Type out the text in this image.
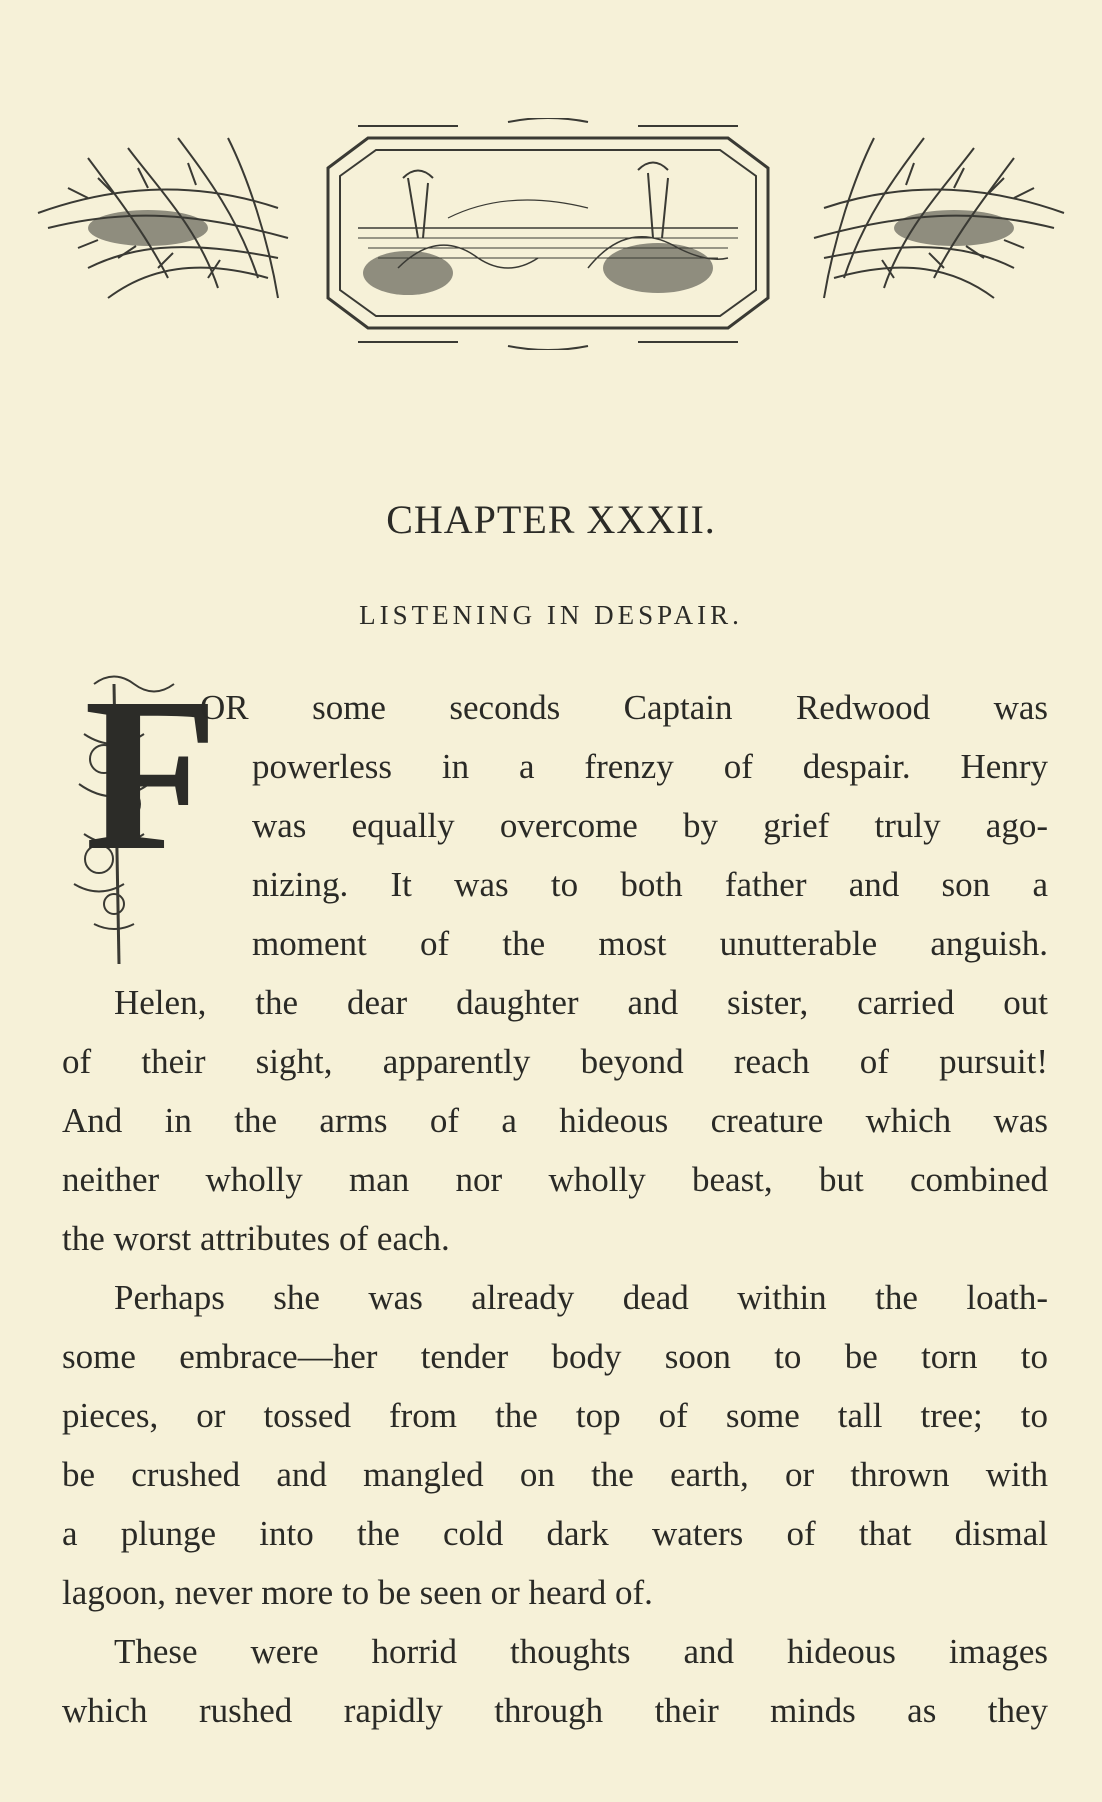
CHAPTER XXXII.
LISTENING IN DESPAIR.
F
OR some seconds Captain Redwood was
powerless in a frenzy of despair. Henry
was equally overcome by grief truly ago-
nizing. It was to both father and son a
moment of the most unutterable anguish.
Helen, the dear daughter and sister, carried out
of their sight, apparently beyond reach of pursuit!
And in the arms of a hideous creature which was
neither wholly man nor wholly beast, but combined
the worst attributes of each.
Perhaps she was already dead within the loath-
some embrace—her tender body soon to be torn to
pieces, or tossed from the top of some tall tree; to
be crushed and mangled on the earth, or thrown with
a plunge into the cold dark waters of that dismal
lagoon, never more to be seen or heard of.
These were horrid thoughts and hideous images
which rushed rapidly through their minds as they
